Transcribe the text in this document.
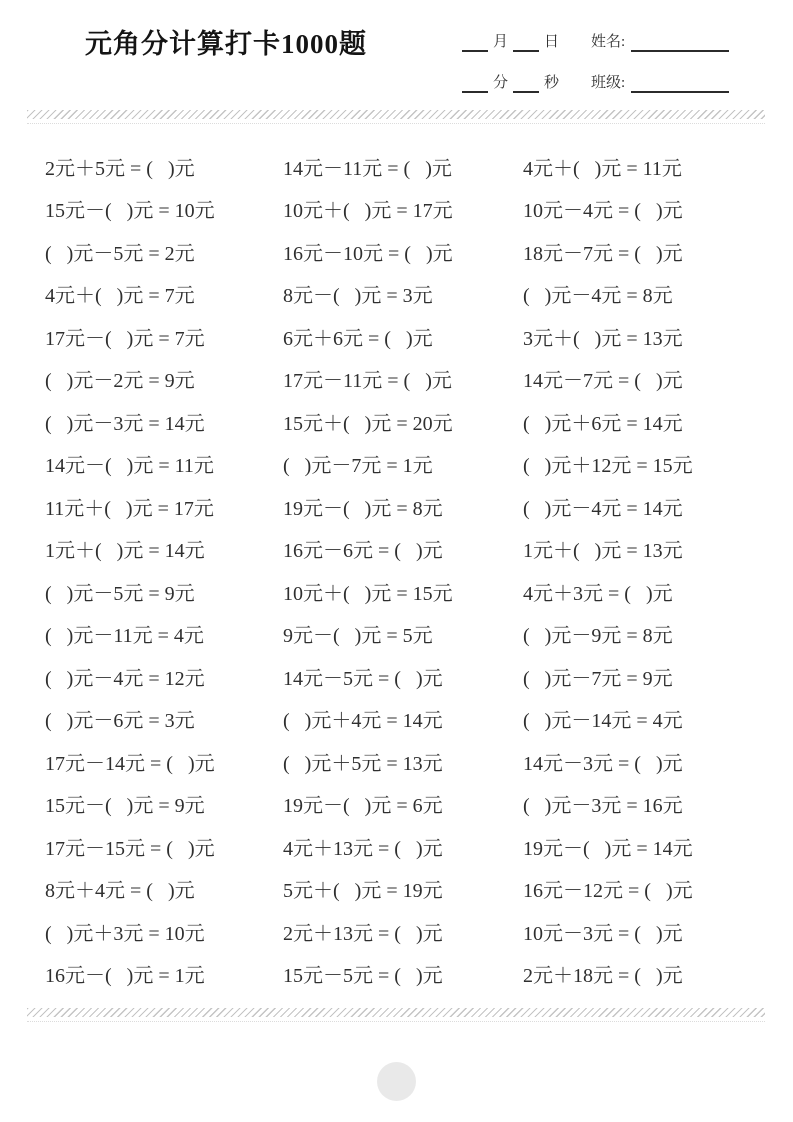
元角分计算打卡1000题	月 日 姓名:
分 秒 班级:
2元＋5元 = (   )元
15元－(   )元 = 10元
(   )元－5元 = 2元
4元＋(   )元 = 7元
17元－(   )元 = 7元
(   )元－2元 = 9元
(   )元－3元 = 14元
14元－(   )元 = 11元
11元＋(   )元 = 17元
1元＋(   )元 = 14元
(   )元－5元 = 9元
(   )元－11元 = 4元
(   )元－4元 = 12元
(   )元－6元 = 3元
17元－14元 = (   )元
15元－(   )元 = 9元
17元－15元 = (   )元
8元＋4元 = (   )元
(   )元＋3元 = 10元
16元－(   )元 = 1元
14元－11元 = (   )元
10元＋(   )元 = 17元
16元－10元 = (   )元
8元－(   )元 = 3元
6元＋6元 = (   )元
17元－11元 = (   )元
15元＋(   )元 = 20元
(   )元－7元 = 1元
19元－(   )元 = 8元
16元－6元 = (   )元
10元＋(   )元 = 15元
9元－(   )元 = 5元
14元－5元 = (   )元
(   )元＋4元 = 14元
(   )元＋5元 = 13元
19元－(   )元 = 6元
4元＋13元 = (   )元
5元＋(   )元 = 19元
2元＋13元 = (   )元
15元－5元 = (   )元
4元＋(   )元 = 11元
10元－4元 = (   )元
18元－7元 = (   )元
(   )元－4元 = 8元
3元＋(   )元 = 13元
14元－7元 = (   )元
(   )元＋6元 = 14元
(   )元＋12元 = 15元
(   )元－4元 = 14元
1元＋(   )元 = 13元
4元＋3元 = (   )元
(   )元－9元 = 8元
(   )元－7元 = 9元
(   )元－14元 = 4元
14元－3元 = (   )元
(   )元－3元 = 16元
19元－(   )元 = 14元
16元－12元 = (   )元
10元－3元 = (   )元
2元＋18元 = (   )元
